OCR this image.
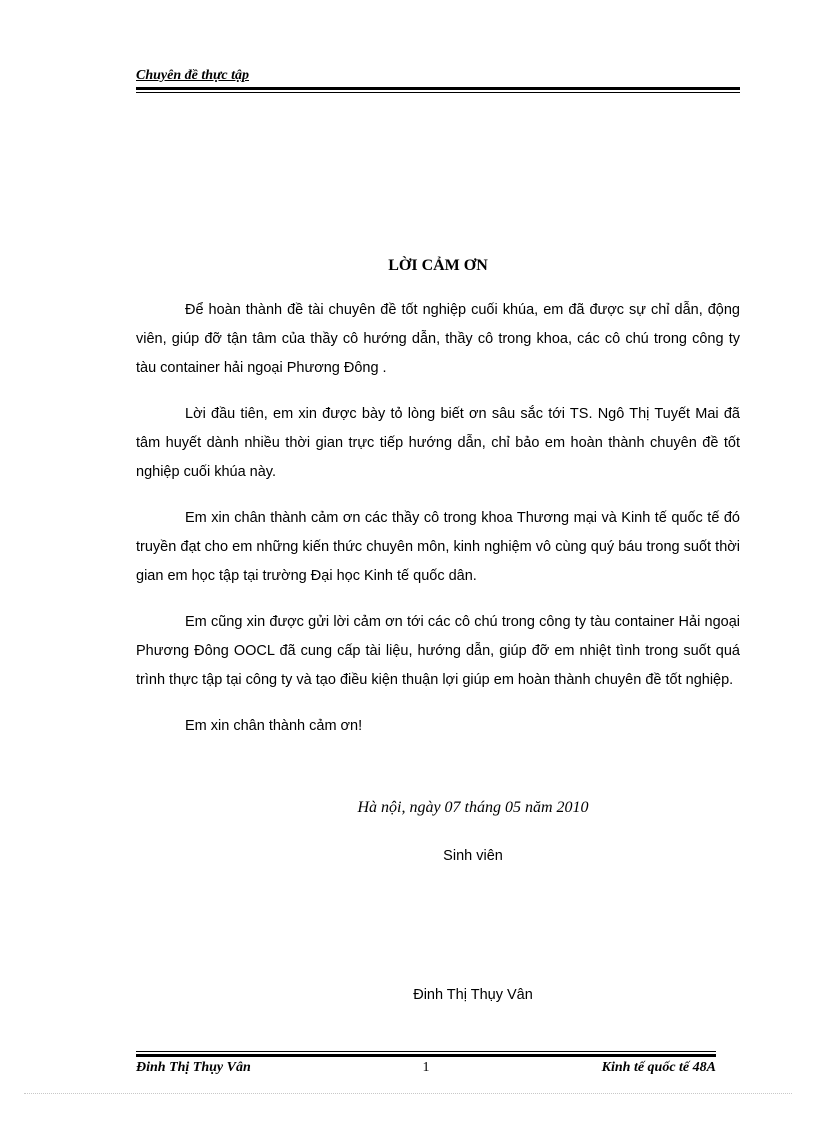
Chuyên đề thực tập
LỜI CẢM ƠN

Để hoàn thành đề tài chuyên đề tốt nghiệp cuối khúa, em đã được sự chỉ dẫn, động viên, giúp đỡ tận tâm của thầy cô hướng dẫn, thầy cô trong khoa, các cô chú trong công ty tàu container hải ngoại Phương Đông .

Lời đầu tiên, em xin được bày tỏ lòng biết ơn sâu sắc tới TS. Ngô Thị Tuyết Mai đã tâm huyết dành nhiều thời gian trực tiếp hướng dẫn, chỉ bảo em hoàn thành chuyên đề tốt nghiệp cuối khúa này.

Em xin chân thành cảm ơn các thầy cô trong khoa Thương mại và Kinh tế quốc tế đó truyền đạt cho em những kiến thức chuyên môn, kinh nghiệm vô cùng quý báu trong suốt thời gian em học tập tại trường Đại học Kinh tế quốc dân.

Em cũng xin được gửi lời cảm ơn tới các cô chú trong công ty tàu container Hải ngoại Phương Đông OOCL đã cung cấp tài liệu, hướng dẫn, giúp đỡ em nhiệt tình trong suốt quá trình thực tập tại công ty và tạo điều kiện thuận lợi giúp em hoàn thành chuyên đề tốt nghiệp.

Em xin chân thành cảm ơn!

Hà nội, ngày 07 tháng 05 năm 2010
Sinh viên
Đinh Thị Thụy Vân
Đinh Thị Thụy Vân	1	Kinh tế quốc tế 48A
